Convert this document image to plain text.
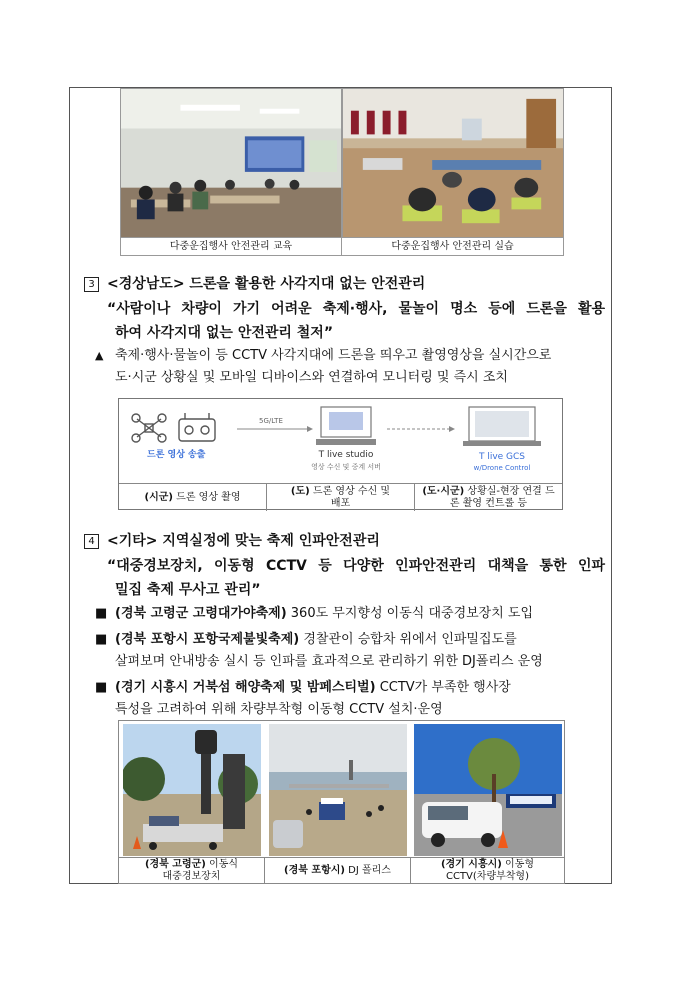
다중운집행사 안전관리 교육	다중운집행사 안전관리 실습
3 <경상남도> 드론을 활용한 사각지대 없는 안전관리
“사람이나 차량이 가기 어려운 축제·행사, 물놀이 명소 등에 드론을 활용
하여 사각지대 없는 안전관리 철저”
▲ 축제·행사·물놀이 등 CCTV 사각지대에 드론을 띄우고 촬영영상을 실시간으로
도·시군 상황실 및 모바일 디바이스와 연결하여 모니터링 및 즉시 조치
드론 영상 송출
5G/LTE
T live studio
영상 수신 및 중계 서버
T live GCS
w/Drone Control
(시군) 드론 영상 촬영
(도) 드론 영상 수신 및 배포
(도·시군) 상황실-현장 연결 드론 촬영 컨트롤 등
4 <기타> 지역실정에 맞는 축제 인파안전관리
“대중경보장치, 이동형 CCTV 등 다양한 인파안전관리 대책을 통한 인파
밀집 축제 무사고 관리”
■ (경북 고령군 고령대가야축제) 360도 무지향성 이동식 대중경보장치 도입
■ (경북 포항시 포항국제불빛축제) 경찰관이 승합차 위에서 인파밀집도를
살펴보며 안내방송 실시 등 인파를 효과적으로 관리하기 위한 DJ폴리스 운영
■ (경기 시흥시 거북섬 해양축제 및 밤페스티벌) CCTV가 부족한 행사장
특성을 고려하여 위해 차량부착형 이동형 CCTV 설치·운영
(경북 고령군) 이동식
대중경보장치
(경북 포항시) DJ 폴리스
(경기 시흥시) 이동형
CCTV(차량부착형)
